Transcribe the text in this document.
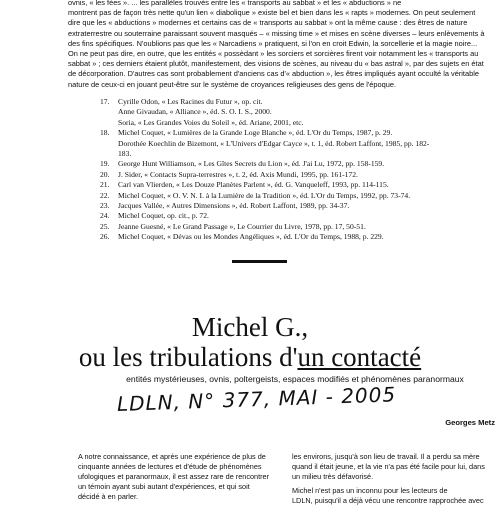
ovnis, « les fées ». ... les parallèles trouvés entre les « transports au sabbat » et les « abductions » ne

montrent pas de façon très nette qu'un lien « diabolique » existe bel et bien dans les « rapts » modernes. On peut seulement

dire que les « abductions » modernes et certains cas de « transports au sabbat » ont la même cause : des êtres de nature

extraterrestre ou souterraine paraissant souvent masqués – « missing time » et mises en scène diverses – leurs enlèvements à

des fins spécifiques. N'oublions pas que les « Narcadiens » pratiquent, si l'on en croit Edwin, la sorcellerie et la magie noire...

On ne peut pas dire, en outre, que les entités « possèdant » les sorciers et sorcières firent voir notamment les « transports au

sabbat » ; ces derniers étaient plutôt, manifestement, des visions de scènes, au niveau du « bas astral », par des sujets en état

de décorporation. D'autres cas sont probablement d'anciens cas d'« abduction », les êtres impliqués ayant occulté la véritable

nature de ceux-ci en jouant peut-être sur le système de croyances religieuses des gens de l'époque.

17. Cyrille Odon, « Les Racines du Futur », op. cit.
Anne Givaudan, « Alliance », éd. S. O. I. S., 2000.
Soria, « Les Grandes Voies du Soleil », éd. Ariane, 2001, etc.
18. Michel Coquet, « Lumières de la Grande Loge Blanche », éd. L'Or du Temps, 1987, p. 29.
Dorothée Koechlin de Bizemont, « L'Univers d'Edgar Cayce », t. 1, éd. Robert Laffont, 1985, pp. 182-
183.
19. George Hunt Williamson, « Les Gîtes Secrets du Lion », éd. J'ai Lu, 1972, pp. 158-159.
20. J. Sider, « Contacts Supra-terrestres », t. 2, éd. Axis Mundi, 1995, pp. 161-172.
21. Carl van Vlierden, « Les Douze Planètes Parlent », éd. G. Vanqueleff, 1993, pp. 114-115.
22. Michel Coquet, « O. V. N. I. à la Lumière de la Tradition », éd. L'Or du Temps, 1992, pp. 73-74.
23. Jacques Vallée, « Autres Dimensions », éd. Robert Laffont, 1989, pp. 34-37.
24. Michel Coquet, op. cit., p. 72.
25. Jeanne Guesné, « Le Grand Passage », Le Courrier du Livre, 1978, pp. 17, 50-51.
26. Michel Coquet, « Dévas ou les Mondes Angéliques », éd. L'Or du Temps, 1988, p. 229.
Michel G.,
ou les tribulations d'un contacté

entités mystérieuses, ovnis, poltergeists, espaces modifiés et phénomènes paranormaux

LDLN, N° 377, MAI - 2005
Georges Metz

A notre connaissance, et après une expérience de plus de

cinquante années de lectures et d'étude de phénomènes

ufologiques et paranormaux, il est assez rare de rencontrer

un témoin ayant subi autant d'expériences, et qui soit

décidé à en parler.

les environs, jusqu'à son lieu de travail. Il a perdu sa mère

quand il était jeune, et la vie n'a pas été facile pour lui, dans

un milieu très défavorisé.

Michel n'est pas un inconnu pour les lecteurs de

LDLN, puisqu'il a déjà vécu une rencontre rapprochée avec
